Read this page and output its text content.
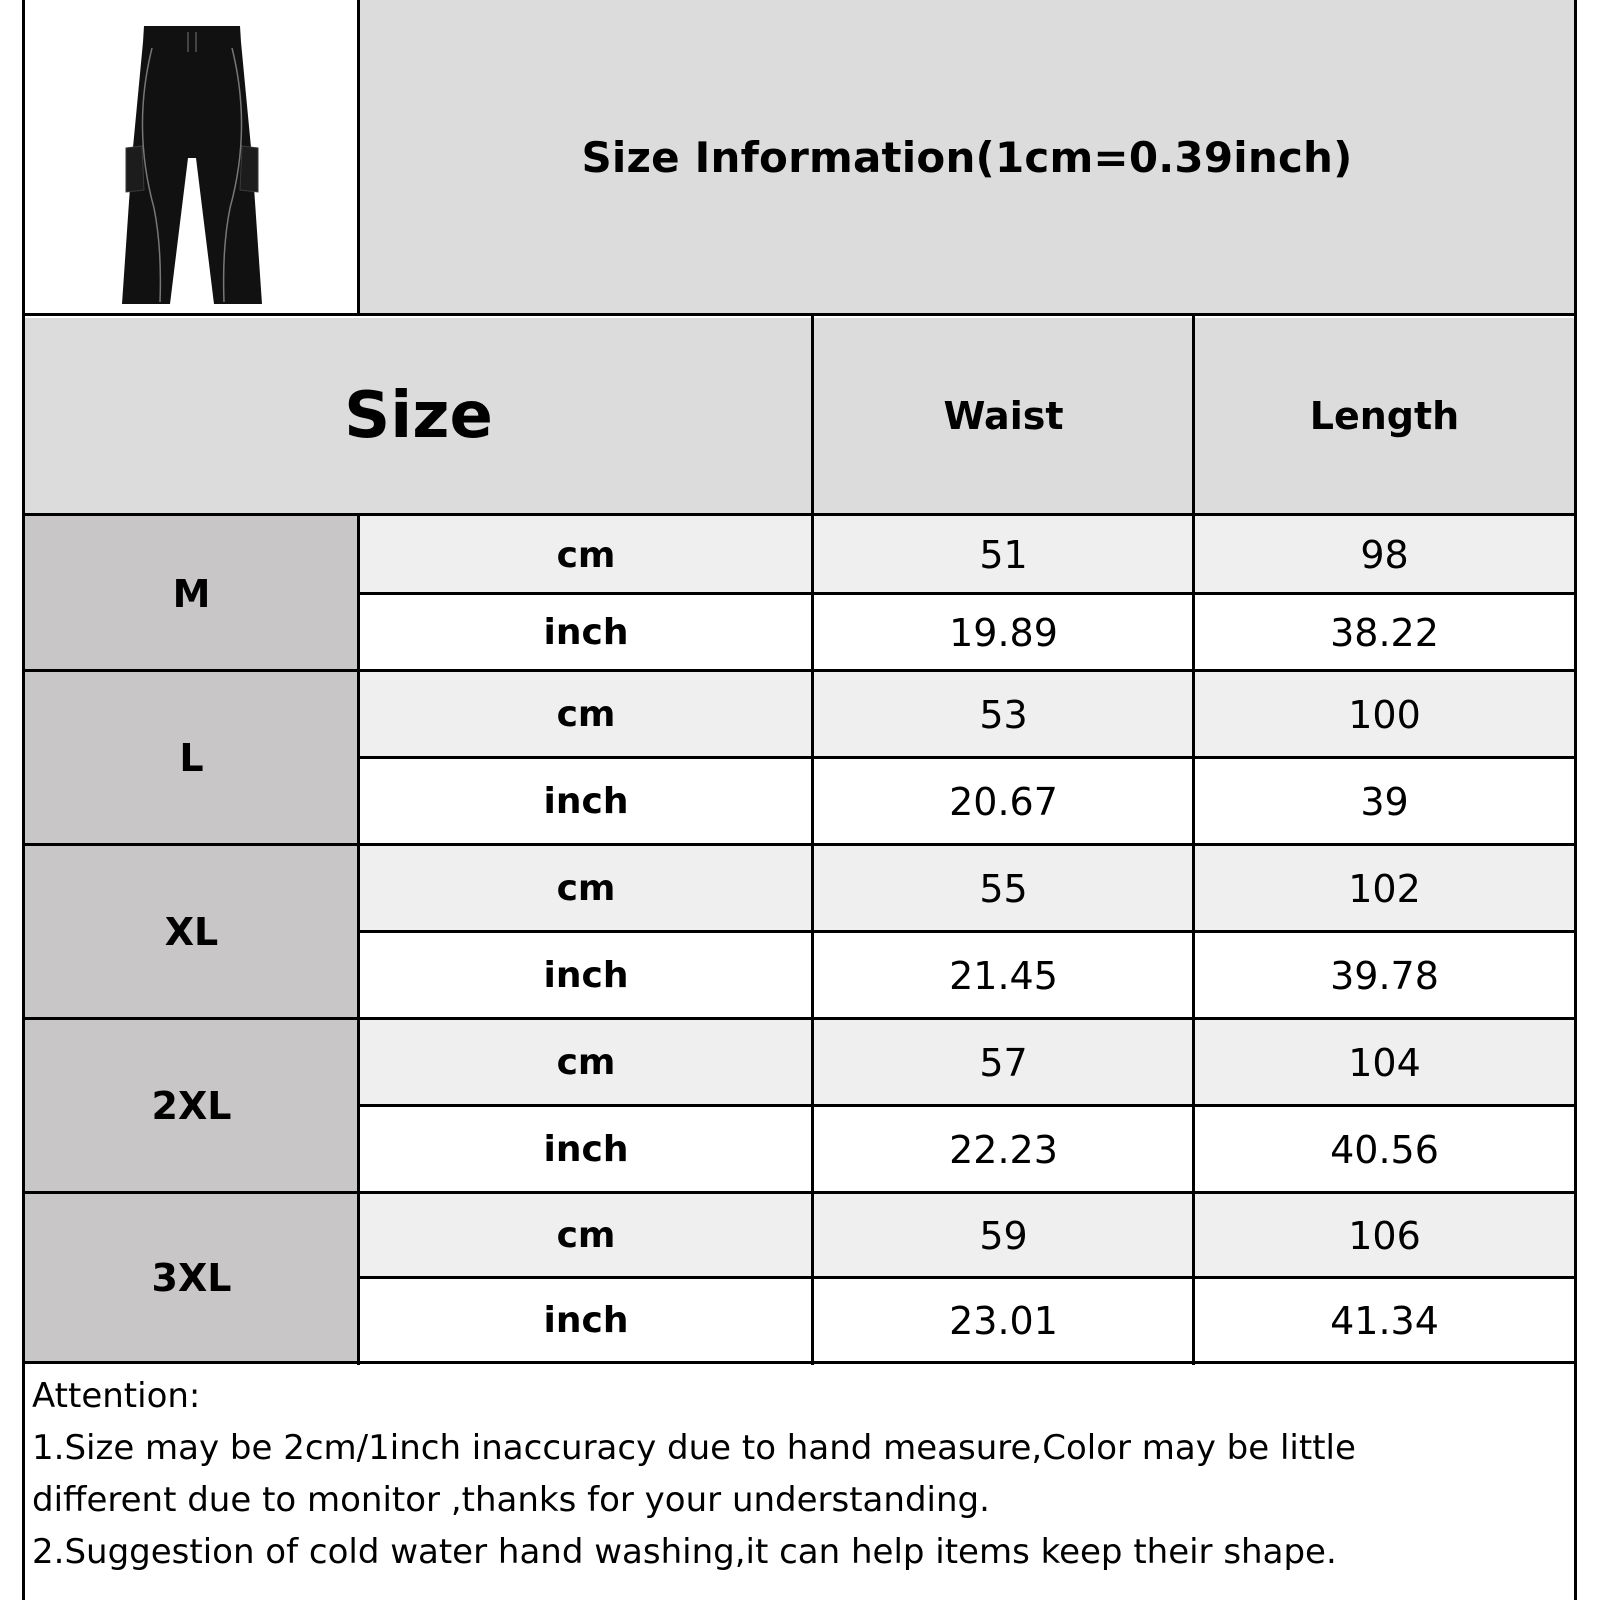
Size Information(1cm=0.39inch)
Size	Waist	Length
M
cm	51	98
inch	19.89	38.22
L
cm	53	100
inch	20.67	39
XL
cm	55	102
inch	21.45	39.78
2XL
cm	57	104
inch	22.23	40.56
3XL
cm	59	106
inch	23.01	41.34

Attention:

1.Size may be 2cm/1inch inaccuracy due to hand measure,Color may be little

different due to monitor ,thanks for your understanding.

2.Suggestion of cold water hand washing,it can help items keep their shape.
